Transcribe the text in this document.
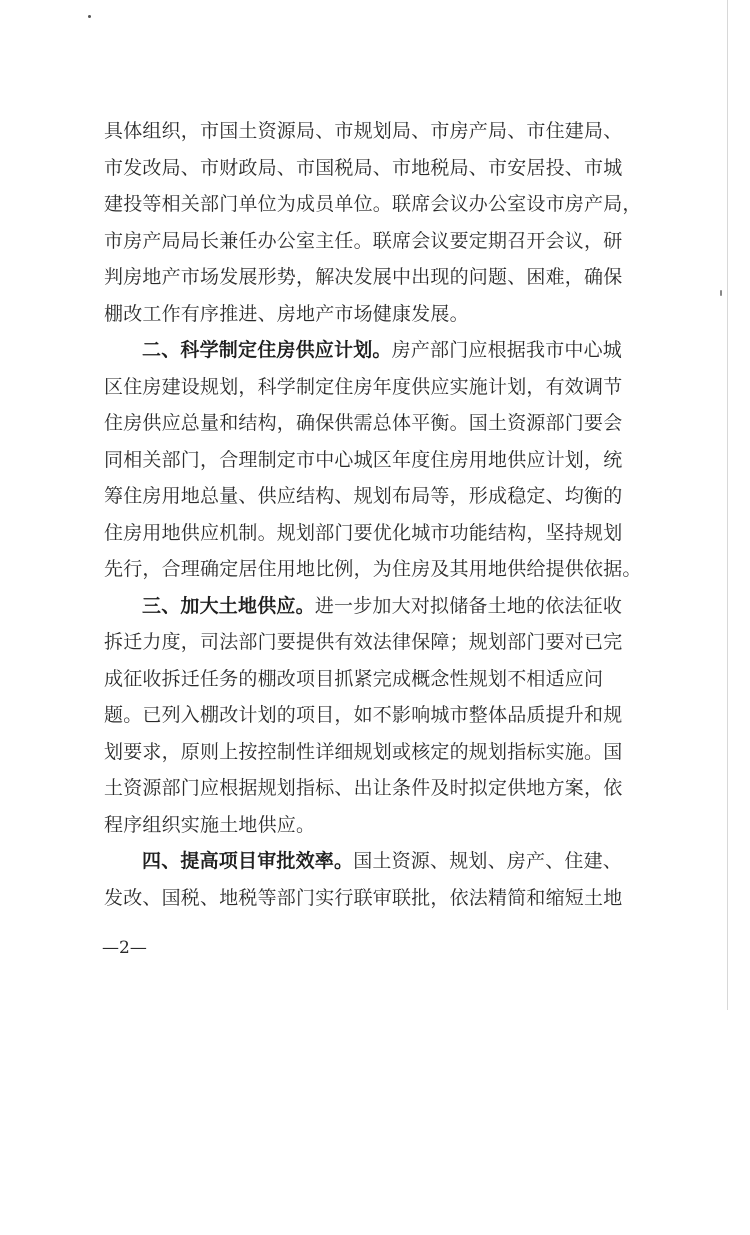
具体组织，市国土资源局、市规划局、市房产局、市住建局、
市发改局、市财政局、市国税局、市地税局、市安居投、市城
建投等相关部门单位为成员单位。联席会议办公室设市房产局，
市房产局局长兼任办公室主任。联席会议要定期召开会议，研
判房地产市场发展形势，解决发展中出现的问题、困难，确保
棚改工作有序推进、房地产市场健康发展。
二、科学制定住房供应计划。房产部门应根据我市中心城
区住房建设规划，科学制定住房年度供应实施计划，有效调节
住房供应总量和结构，确保供需总体平衡。国土资源部门要会
同相关部门，合理制定市中心城区年度住房用地供应计划，统
筹住房用地总量、供应结构、规划布局等，形成稳定、均衡的
住房用地供应机制。规划部门要优化城市功能结构，坚持规划
先行，合理确定居住用地比例，为住房及其用地供给提供依据。
三、加大土地供应。进一步加大对拟储备土地的依法征收
拆迁力度，司法部门要提供有效法律保障；规划部门要对已完
成征收拆迁任务的棚改项目抓紧完成概念性规划不相适应问
题。已列入棚改计划的项目，如不影响城市整体品质提升和规
划要求，原则上按控制性详细规划或核定的规划指标实施。国
土资源部门应根据规划指标、出让条件及时拟定供地方案，依
程序组织实施土地供应。
四、提高项目审批效率。国土资源、规划、房产、住建、
发改、国税、地税等部门实行联审联批，依法精简和缩短土地
—2—
